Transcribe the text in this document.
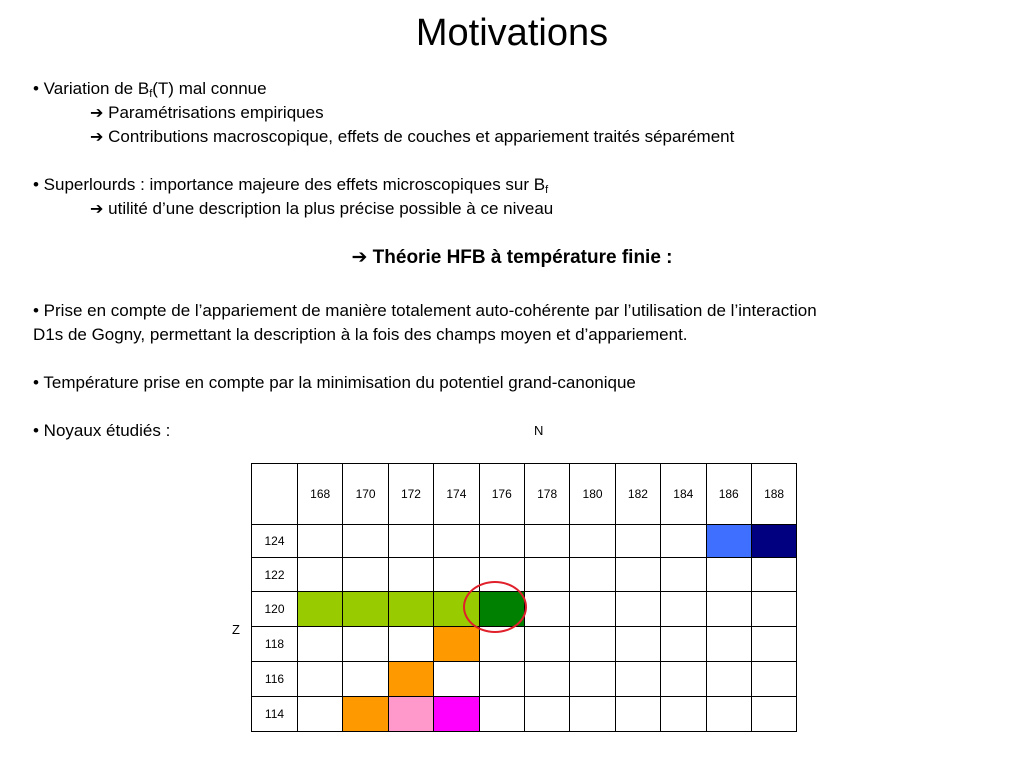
Motivations
• Variation de $B_f(T)$ mal connue
➔ Paramétrisations empiriques
➔ Contributions macroscopique, effets de couches et appariement traités séparément
• Superlourds : importance majeure des effets microscopiques sur $B_f$
➔ utilité d’une description la plus précise possible à ce niveau
➔ Théorie HFB à température finie :
• Prise en compte de l’appariement de manière totalement auto-cohérente par l’utilisation de l’interaction
D1s de Gogny, permettant la description à la fois des champs moyen et d’appariement.
• Température prise en compte par la minimisation du potentiel grand-canonique
• Noyaux étudiés :	N
Z
	168	170	172	174	176	178	180	182	184	186	188
124											
122											
120											
118											
116											
114											
